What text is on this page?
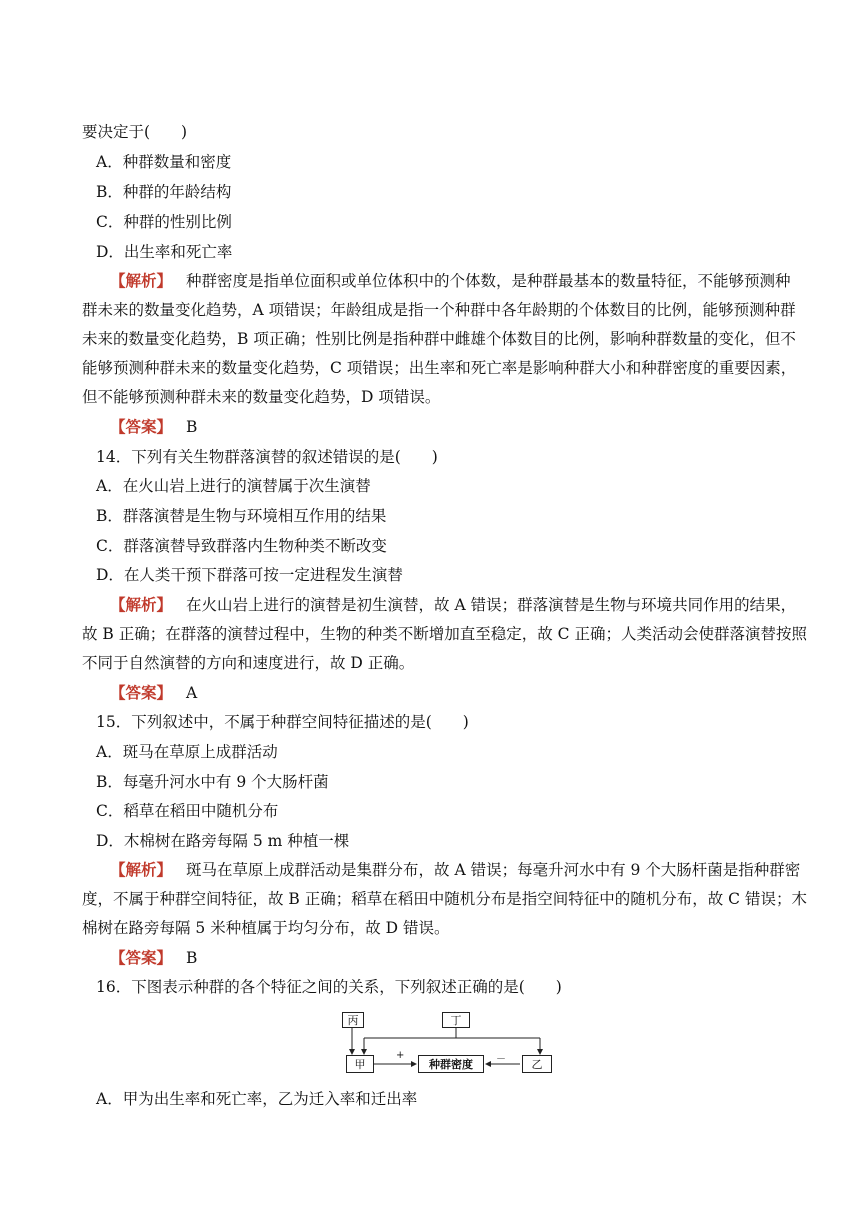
要决定于(　　)
A．种群数量和密度
B．种群的年龄结构
C．种群的性别比例
D．出生率和死亡率
【解析】 种群密度是指单位面积或单位体积中的个体数，是种群最基本的数量特征，不能够预测种
群未来的数量变化趋势，A 项错误；年龄组成是指一个种群中各年龄期的个体数目的比例，能够预测种群
未来的数量变化趋势，B 项正确；性别比例是指种群中雌雄个体数目的比例，影响种群数量的变化，但不
能够预测种群未来的数量变化趋势，C 项错误；出生率和死亡率是影响种群大小和种群密度的重要因素，
但不能够预测种群未来的数量变化趋势，D 项错误。
【答案】 B
14．下列有关生物群落演替的叙述错误的是(　　)
A．在火山岩上进行的演替属于次生演替
B．群落演替是生物与环境相互作用的结果
C．群落演替导致群落内生物种类不断改变
D．在人类干预下群落可按一定进程发生演替
【解析】 在火山岩上进行的演替是初生演替，故 A 错误；群落演替是生物与环境共同作用的结果，
故 B 正确；在群落的演替过程中，生物的种类不断增加直至稳定，故 C 正确；人类活动会使群落演替按照
不同于自然演替的方向和速度进行，故 D 正确。
【答案】 A
15．下列叙述中，不属于种群空间特征描述的是(　　)
A．斑马在草原上成群活动
B．每毫升河水中有 9 个大肠杆菌
C．稻草在稻田中随机分布
D．木棉树在路旁每隔 5 m 种植一棵
【解析】 斑马在草原上成群活动是集群分布，故 A 错误；每毫升河水中有 9 个大肠杆菌是指种群密
度，不属于种群空间特征，故 B 正确；稻草在稻田中随机分布是指空间特征中的随机分布，故 C 错误；木
棉树在路旁每隔 5 米种植属于均匀分布，故 D 错误。
【答案】 B
16．下图表示种群的各个特征之间的关系，下列叙述正确的是(　　)
丙	丁
甲	种群密度	乙
+	－
A．甲为出生率和死亡率，乙为迁入率和迁出率
